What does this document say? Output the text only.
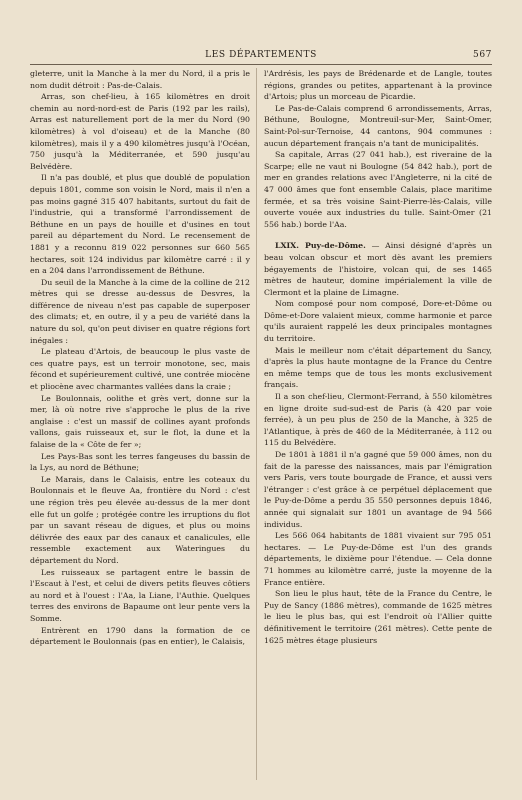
LES DÉPARTEMENTS	567

gleterre, unit la Manche à la mer du Nord, il a pris le nom dudit détroit : Pas-de-Calais.

Arras, son chef-lieu, à 165 kilomètres en droit chemin au nord-nord-est de Paris (192 par les rails), Arras est naturellement port de la mer du Nord (90 kilomètres) à vol d'oiseau) et de la Manche (80 kilomètres), mais il y a 490 kilomètres jusqu'à l'Océan, 750 jusqu'à la Méditerranée, et 590 jusqu'au Belvédère.

Il n'a pas doublé, et plus que doublé de population depuis 1801, comme son voisin le Nord, mais il n'en a pas moins gagné 315 407 habitants, surtout du fait de l'industrie, qui a transformé l'arrondissement de Béthune en un pays de houille et d'usines en tout pareil au département du Nord. Le recensement de 1881 y a reconnu 819 022 personnes sur 660 565 hectares, soit 124 individus par kilomètre carré : il y en a 204 dans l'arrondissement de Béthune.

Du seuil de la Manche à la cime de la colline de 212 mètres qui se dresse au-dessus de Desvres, la différence de niveau n'est pas capable de superposer des climats; et, en outre, il y a peu de variété dans la nature du sol, qu'on peut diviser en quatre régions fort inégales :

Le plateau d'Artois, de beaucoup le plus vaste de ces quatre pays, est un terroir monotone, sec, mais fécond et supérieurement cultivé, une contrée miocène et pliocène avec charmantes vallées dans la craie ;

Le Boulonnais, oolithe et grès vert, donne sur la mer, là où notre rive s'approche le plus de la rive anglaise : c'est un massif de collines ayant profonds vallons, gais ruisseaux et, sur le flot, la dune et la falaise de la « Côte de fer »;

Les Pays-Bas sont les terres fangeuses du bassin de la Lys, au nord de Béthune;

Le Marais, dans le Calaisis, entre les coteaux du Boulonnais et le fleuve Aa, frontière du Nord : c'est une région très peu élevée au-dessus de la mer dont elle fut un golfe ; protégée contre les irruptions du flot par un savant réseau de digues, et plus ou moins délivrée des eaux par des canaux et canalicules, elle ressemble exactement aux Wateringues du département du Nord.

Les ruisseaux se partagent entre le bassin de l'Escaut à l'est, et celui de divers petits fleuves côtiers au nord et à l'ouest : l'Aa, la Liane, l'Authie. Quelques terres des environs de Bapaume ont leur pente vers la Somme.

Entrèrent en 1790 dans la formation de ce département le Boulonnais (pas en entier), le Calaisis,

l'Ardrésis, les pays de Brédenarde et de Langle, toutes régions, grandes ou petites, appartenant à la province d'Artois; plus un morceau de Picardie.

Le Pas-de-Calais comprend 6 arrondissements, Arras, Béthune, Boulogne, Montreuil-sur-Mer, Saint-Omer, Saint-Pol-sur-Ternoise, 44 cantons, 904 communes : aucun département français n'a tant de municipalités.

Sa capitale, Arras (27 041 hab.), est riveraine de la Scarpe; elle ne vaut ni Boulogne (54 842 hab.), port de mer en grandes relations avec l'Angleterre, ni la cité de 47 000 âmes que font ensemble Calais, place maritime fermée, et sa très voisine Saint-Pierre-lès-Calais, ville ouverte vouée aux industries du tulle. Saint-Omer (21 556 hab.) borde l'Aa.

LXIX. Puy-de-Dôme. — Ainsi désigné d'après un beau volcan obscur et mort dès avant les premiers bégayements de l'histoire, volcan qui, de ses 1465 mètres de hauteur, domine impérialement la ville de Clermont et la plaine de Limagne.

Nom composé pour nom composé, Dore-et-Dôme ou Dôme-et-Dore valaient mieux, comme harmonie et parce qu'ils auraient rappelé les deux principales montagnes du territoire.

Mais le meilleur nom c'était département du Sancy, d'après la plus haute montagne de la France du Centre en même temps que de tous les monts exclusivement français.

Il a son chef-lieu, Clermont-Ferrand, à 550 kilomètres en ligne droite sud-sud-est de Paris (à 420 par voie ferrée), à un peu plus de 250 de la Manche, à 325 de l'Atlantique, à près de 460 de la Méditerranée, à 112 ou 115 du Belvédère.

De 1801 à 1881 il n'a gagné que 59 000 âmes, non du fait de la paresse des naissances, mais par l'émigration vers Paris, vers toute bourgade de France, et aussi vers l'étranger : c'est grâce à ce perpétuel déplacement que le Puy-de-Dôme a perdu 35 550 personnes depuis 1846, année qui signalait sur 1801 un avantage de 94 566 individus.

Les 566 064 habitants de 1881 vivaient sur 795 051 hectares. — Le Puy-de-Dôme est l'un des grands départements, le dixième pour l'étendue. — Cela donne 71 hommes au kilomètre carré, juste la moyenne de la France entière.

Son lieu le plus haut, tête de la France du Centre, le Puy de Sancy (1886 mètres), commande de 1625 mètres le lieu le plus bas, qui est l'endroit où l'Allier quitte définitivement le territoire (261 mètres). Cette pente de 1625 mètres étage plusieurs
